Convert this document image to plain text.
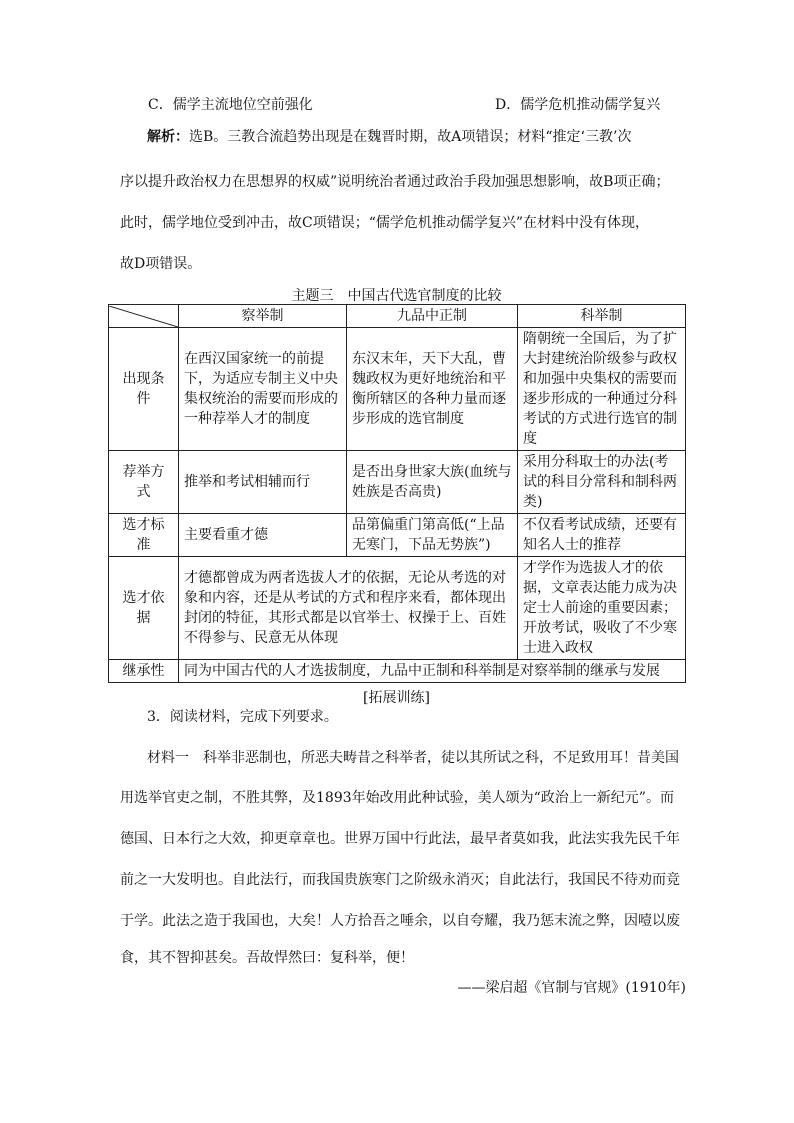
C．儒学主流地位空前强化	D．儒学危机推动儒学复兴
解析：选B。三教合流趋势出现是在魏晋时期，故A项错误；材料“推定‘三教’次
序以提升政治权力在思想界的权威”说明统治者通过政治手段加强思想影响，故B项正确；
此时，儒学地位受到冲击，故C项错误；“儒学危机推动儒学复兴”在材料中没有体现，
故D项错误。
主题三　中国古代选官制度的比较
	察举制	九品中正制	科举制
出现条件	在西汉国家统一的前提下，为适应专制主义中央集权统治的需要而形成的一种荐举人才的制度	东汉末年，天下大乱，曹魏政权为更好地统治和平衡所辖区的各种力量而逐步形成的选官制度	隋朝统一全国后，为了扩大封建统治阶级参与政权和加强中央集权的需要而逐步形成的一种通过分科考试的方式进行选官的制度
荐举方式	推举和考试相辅而行	是否出身世家大族(血统与姓族是否高贵)	采用分科取士的办法(考试的科目分常科和制科两类)
选才标准	主要看重才德	品第偏重门第高低(“上品无寒门，下品无势族”)	不仅看考试成绩，还要有知名人士的推荐
选才依据	才德都曾成为两者选拔人才的依据，无论从考选的对象和内容，还是从考试的方式和程序来看，都体现出封闭的特征，其形式都是以官举士、权操于上、百姓不得参与、民意无从体现		才学作为选拔人才的依据，文章表达能力成为决定士人前途的重要因素；开放考试，吸收了不少寒士进入政权
继承性	同为中国古代的人才选拔制度，九品中正制和科举制是对察举制的继承与发展		
[拓展训练]
3．阅读材料，完成下列要求。
材料一　科举非恶制也，所恶夫畴昔之科举者，徒以其所试之科，不足致用耳！昔美国
用选举官吏之制，不胜其弊，及1893年始改用此种试验，美人颂为“政治上一新纪元”。而
德国、日本行之大效，抑更章章也。世界万国中行此法，最早者莫如我，此法实我先民千年
前之一大发明也。自此法行，而我国贵族寒门之阶级永消灭；自此法行，我国民不待劝而竞
于学。此法之造于我国也，大矣！人方拾吾之唾余，以自夸耀，我乃惩末流之弊，因噎以废
食，其不智抑甚矣。吾故悍然曰：复科举，便！
——梁启超《官制与官规》(1910年)
